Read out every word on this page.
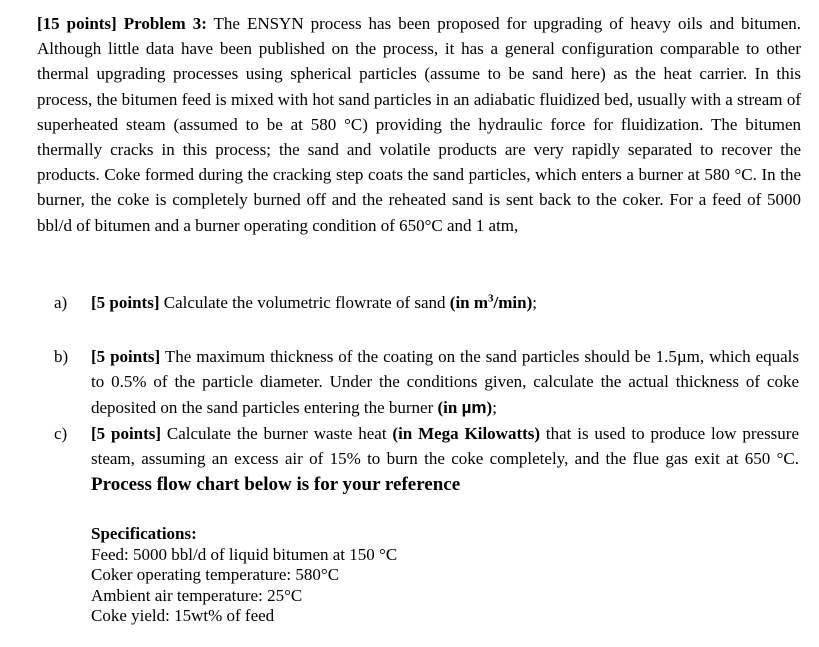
[15 points] Problem 3: The ENSYN process has been proposed for upgrading of heavy oils and bitumen. Although little data have been published on the process, it has a general configuration comparable to other thermal upgrading processes using spherical particles (assume to be sand here) as the heat carrier. In this process, the bitumen feed is mixed with hot sand particles in an adiabatic fluidized bed, usually with a stream of superheated steam (assumed to be at 580 °C) providing the hydraulic force for fluidization. The bitumen thermally cracks in this process; the sand and volatile products are very rapidly separated to recover the products. Coke formed during the cracking step coats the sand particles, which enters a burner at 580 °C. In the burner, the coke is completely burned off and the reheated sand is sent back to the coker. For a feed of 5000 bbl/d of bitumen and a burner operating condition of 650°C and 1 atm,
a)	[5 points] Calculate the volumetric flowrate of sand (in $m^3/\min$);
b)	[5 points] The maximum thickness of the coating on the sand particles should be 1.5µm, which equals to 0.5% of the particle diameter. Under the conditions given, calculate the actual thickness of coke deposited on the sand particles entering the burner (in µm);
c)	[5 points] Calculate the burner waste heat (in Mega Kilowatts) that is used to produce low pressure steam, assuming an excess air of 15% to burn the coke completely, and the flue gas exit at 650 °C. Process flow chart below is for your reference
Specifications:
Feed: 5000 bbl/d of liquid bitumen at 150 °C
Coker operating temperature: 580°C
Ambient air temperature: 25°C
Coke yield: 15wt% of feed
